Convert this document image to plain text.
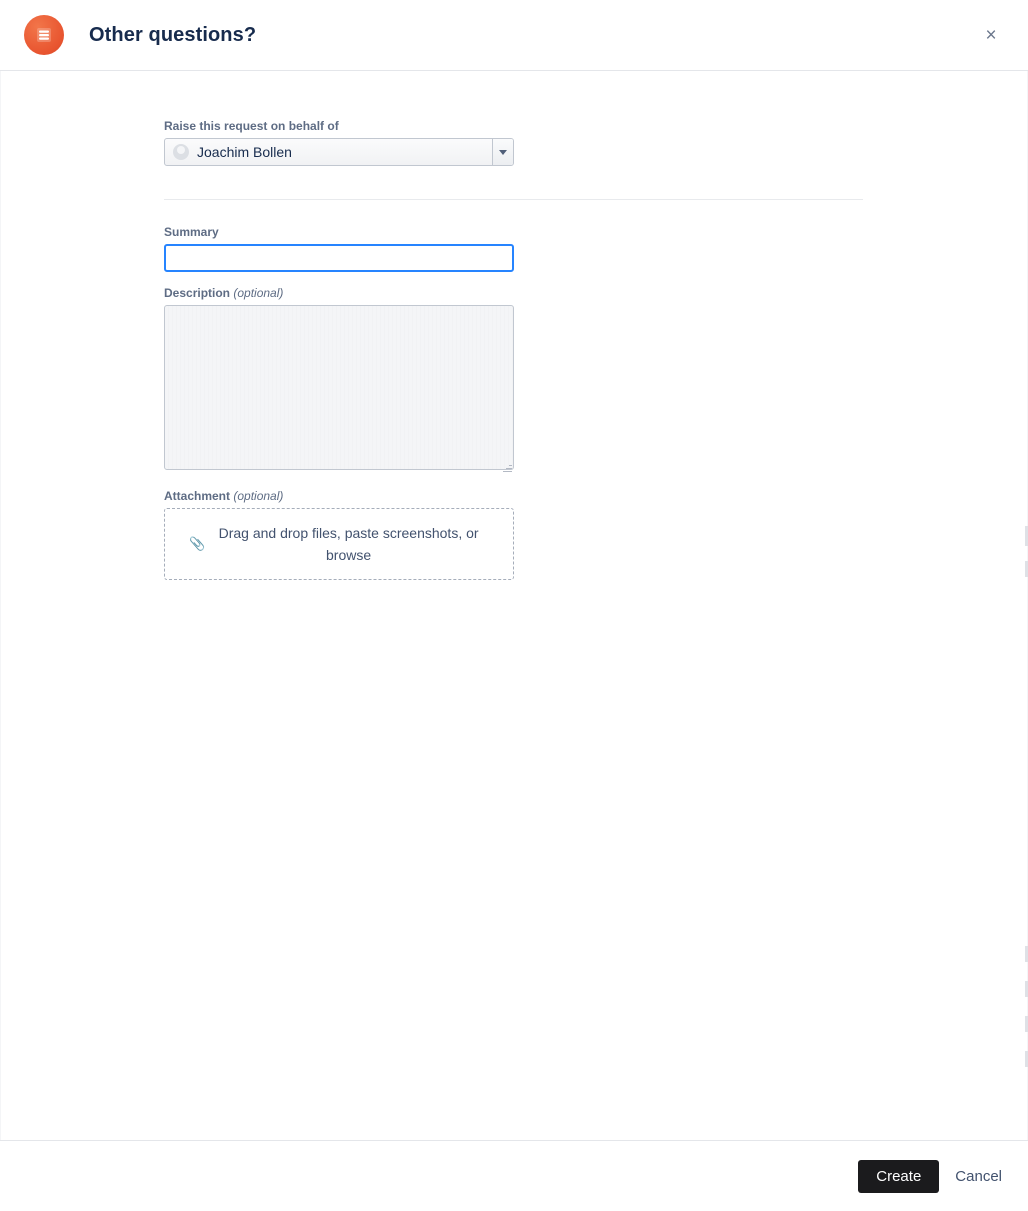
Other questions?	×
Raise this request on behalf of
Joachim Bollen
Summary
Description (optional)
Attachment (optional)
📎
Drag and drop files, paste screenshots, or browse
Create	Cancel
